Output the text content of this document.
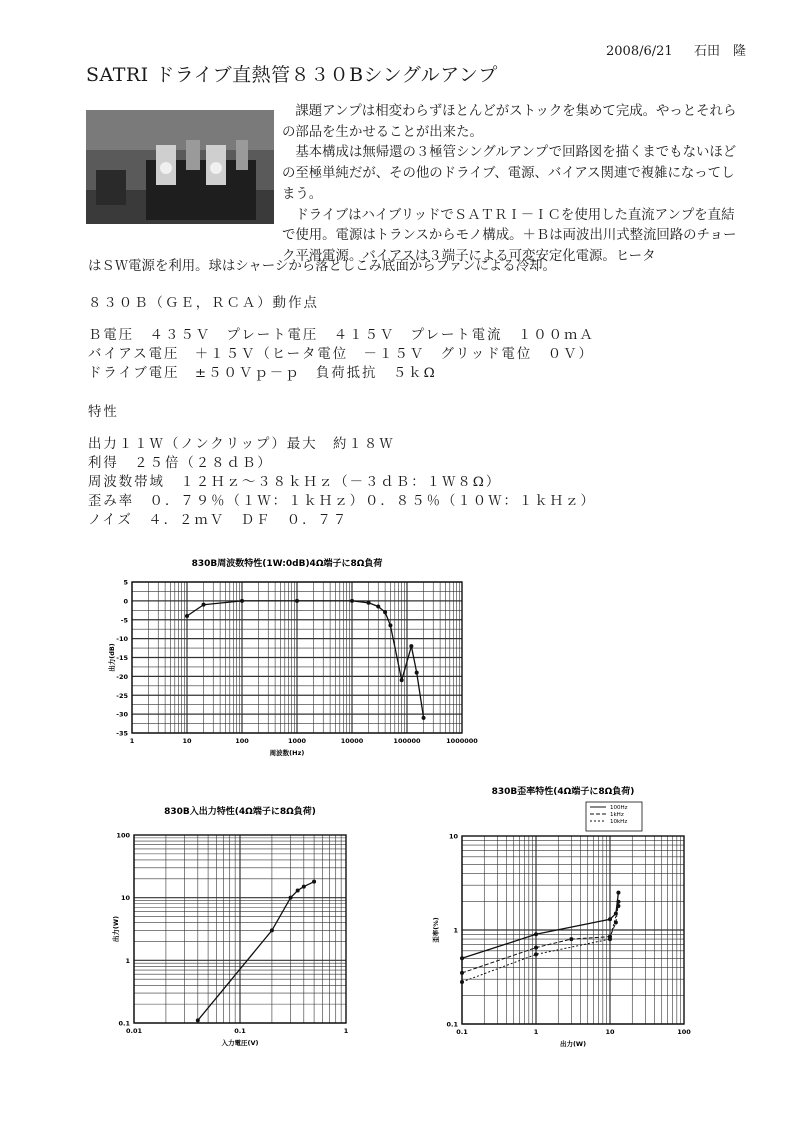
2008/6/21 　 石田　隆
SATRI ドライブ直熱管８３０Bシングルアンプ

課題アンプは相変わらずほとんどがストックを集めて完成。やっとそれらの部品を生かせることが出来た。

基本構成は無帰還の３極管シングルアンプで回路図を描くまでもないほどの至極単純だが、その他のドライブ、電源、バイアス関連で複雑になってしまう。

ドライブはハイブリッドでＳＡＴＲＩ－ＩＣを使用した直流アンプを直結で使用。電源はトランスからモノ構成。＋Ｂは両波出川式整流回路のチョーク平滑電源。バイアスは３端子による可変安定化電源。ヒータ

はＳＷ電源を利用。球はシャーシから落としこみ底面からファンによる冷却。
８３０Ｂ（ＧＥ，ＲＣＡ）動作点
Ｂ電圧　４３５Ｖ　プレート電圧　４１５Ｖ　プレート電流　１００ｍＡ
バイアス電圧　＋１５Ｖ（ヒータ電位　－１５Ｖ　グリッド電位　０Ｖ）
ドライブ電圧　±５０Ｖｐ－ｐ　負荷抵抗　５ｋΩ
特性
出力１１Ｗ（ノンクリップ）最大　約１８Ｗ
利得　２５倍（２８ｄＢ）
周波数帯域　１２Ｈｚ～３８ｋＨｚ（－３ｄＢ：１Ｗ８Ω）
歪み率　０．７９％（１Ｗ：１ｋＨｚ）０．８５％（１０Ｗ：１ｋＨｚ）
ノイズ　４．２ｍＶ　ＤＦ　０．７７
830B周波数特性(1W:0dB)4Ω端子に8Ω負荷
1	10	100	1000	10000	100000	1000000
5
0
-5
-10
-15
-20
-25
-30
-35
周波数(Hz)
出力(dB)
830B入出力特性(4Ω端子に8Ω負荷)
0.01	0.1	1
100
10
1
0.1
入力電圧(V)
出力(W)
830B歪率特性(4Ω端子に8Ω負荷)
0.1	1	10	100
10
1
0.1
出力(W)
歪率(%)
100Hz
1kHz
10kHz
